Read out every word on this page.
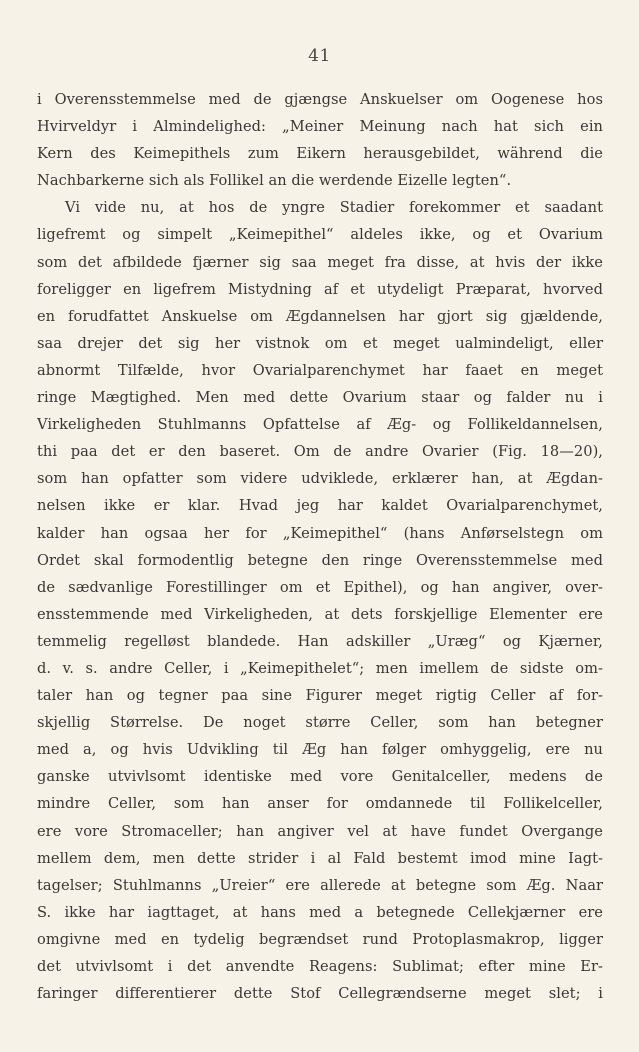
41
i Overensstemmelse med de gjængse Anskuelser om Oogenese hos
Hvirveldyr i Almindelighed: „Meiner Meinung nach hat sich ein
Kern des Keimepithels zum Eikern herausgebildet, während die
Nachbarkerne sich als Follikel an die werdende Eizelle legten“.
Vi vide nu, at hos de yngre Stadier forekommer et saadant
ligefremt og simpelt „Keimepithel“ aldeles ikke, og et Ovarium
som det afbildede fjærner sig saa meget fra disse, at hvis der ikke
foreligger en ligefrem Mistydning af et utydeligt Præparat, hvorved
en forudfattet Anskuelse om Ægdannelsen har gjort sig gjældende,
saa drejer det sig her vistnok om et meget ualmindeligt, eller
abnormt Tilfælde, hvor Ovarialparenchymet har faaet en meget
ringe Mægtighed. Men med dette Ovarium staar og falder nu i
Virkeligheden Stuhlmanns Opfattelse af Æg- og Follikeldannelsen,
thi paa det er den baseret. Om de andre Ovarier (Fig. 18—20),
som han opfatter som videre udviklede, erklærer han, at Ægdan-
nelsen ikke er klar. Hvad jeg har kaldet Ovarialparenchymet,
kalder han ogsaa her for „Keimepithel“ (hans Anførselstegn om
Ordet skal formodentlig betegne den ringe Overensstemmelse med
de sædvanlige Forestillinger om et Epithel), og han angiver, over-
ensstemmende med Virkeligheden, at dets forskjellige Elementer ere
temmelig regelløst blandede. Han adskiller „Uræg“ og Kjærner,
d. v. s. andre Celler, i „Keimepithelet“; men imellem de sidste om-
taler han og tegner paa sine Figurer meget rigtig Celler af for-
skjellig Størrelse. De noget større Celler, som han betegner
med a, og hvis Udvikling til Æg han følger omhyggelig, ere nu
ganske utvivlsomt identiske med vore Genitalceller, medens de
mindre Celler, som han anser for omdannede til Follikelceller,
ere vore Stromaceller; han angiver vel at have fundet Overgange
mellem dem, men dette strider i al Fald bestemt imod mine Iagt-
tagelser; Stuhlmanns „Ureier“ ere allerede at betegne som Æg. Naar
S. ikke har iagttaget, at hans med a betegnede Cellekjærner ere
omgivne med en tydelig begrændset rund Protoplasmakrop, ligger
det utvivlsomt i det anvendte Reagens: Sublimat; efter mine Er-
faringer differentierer dette Stof Cellegrændserne meget slet; i
